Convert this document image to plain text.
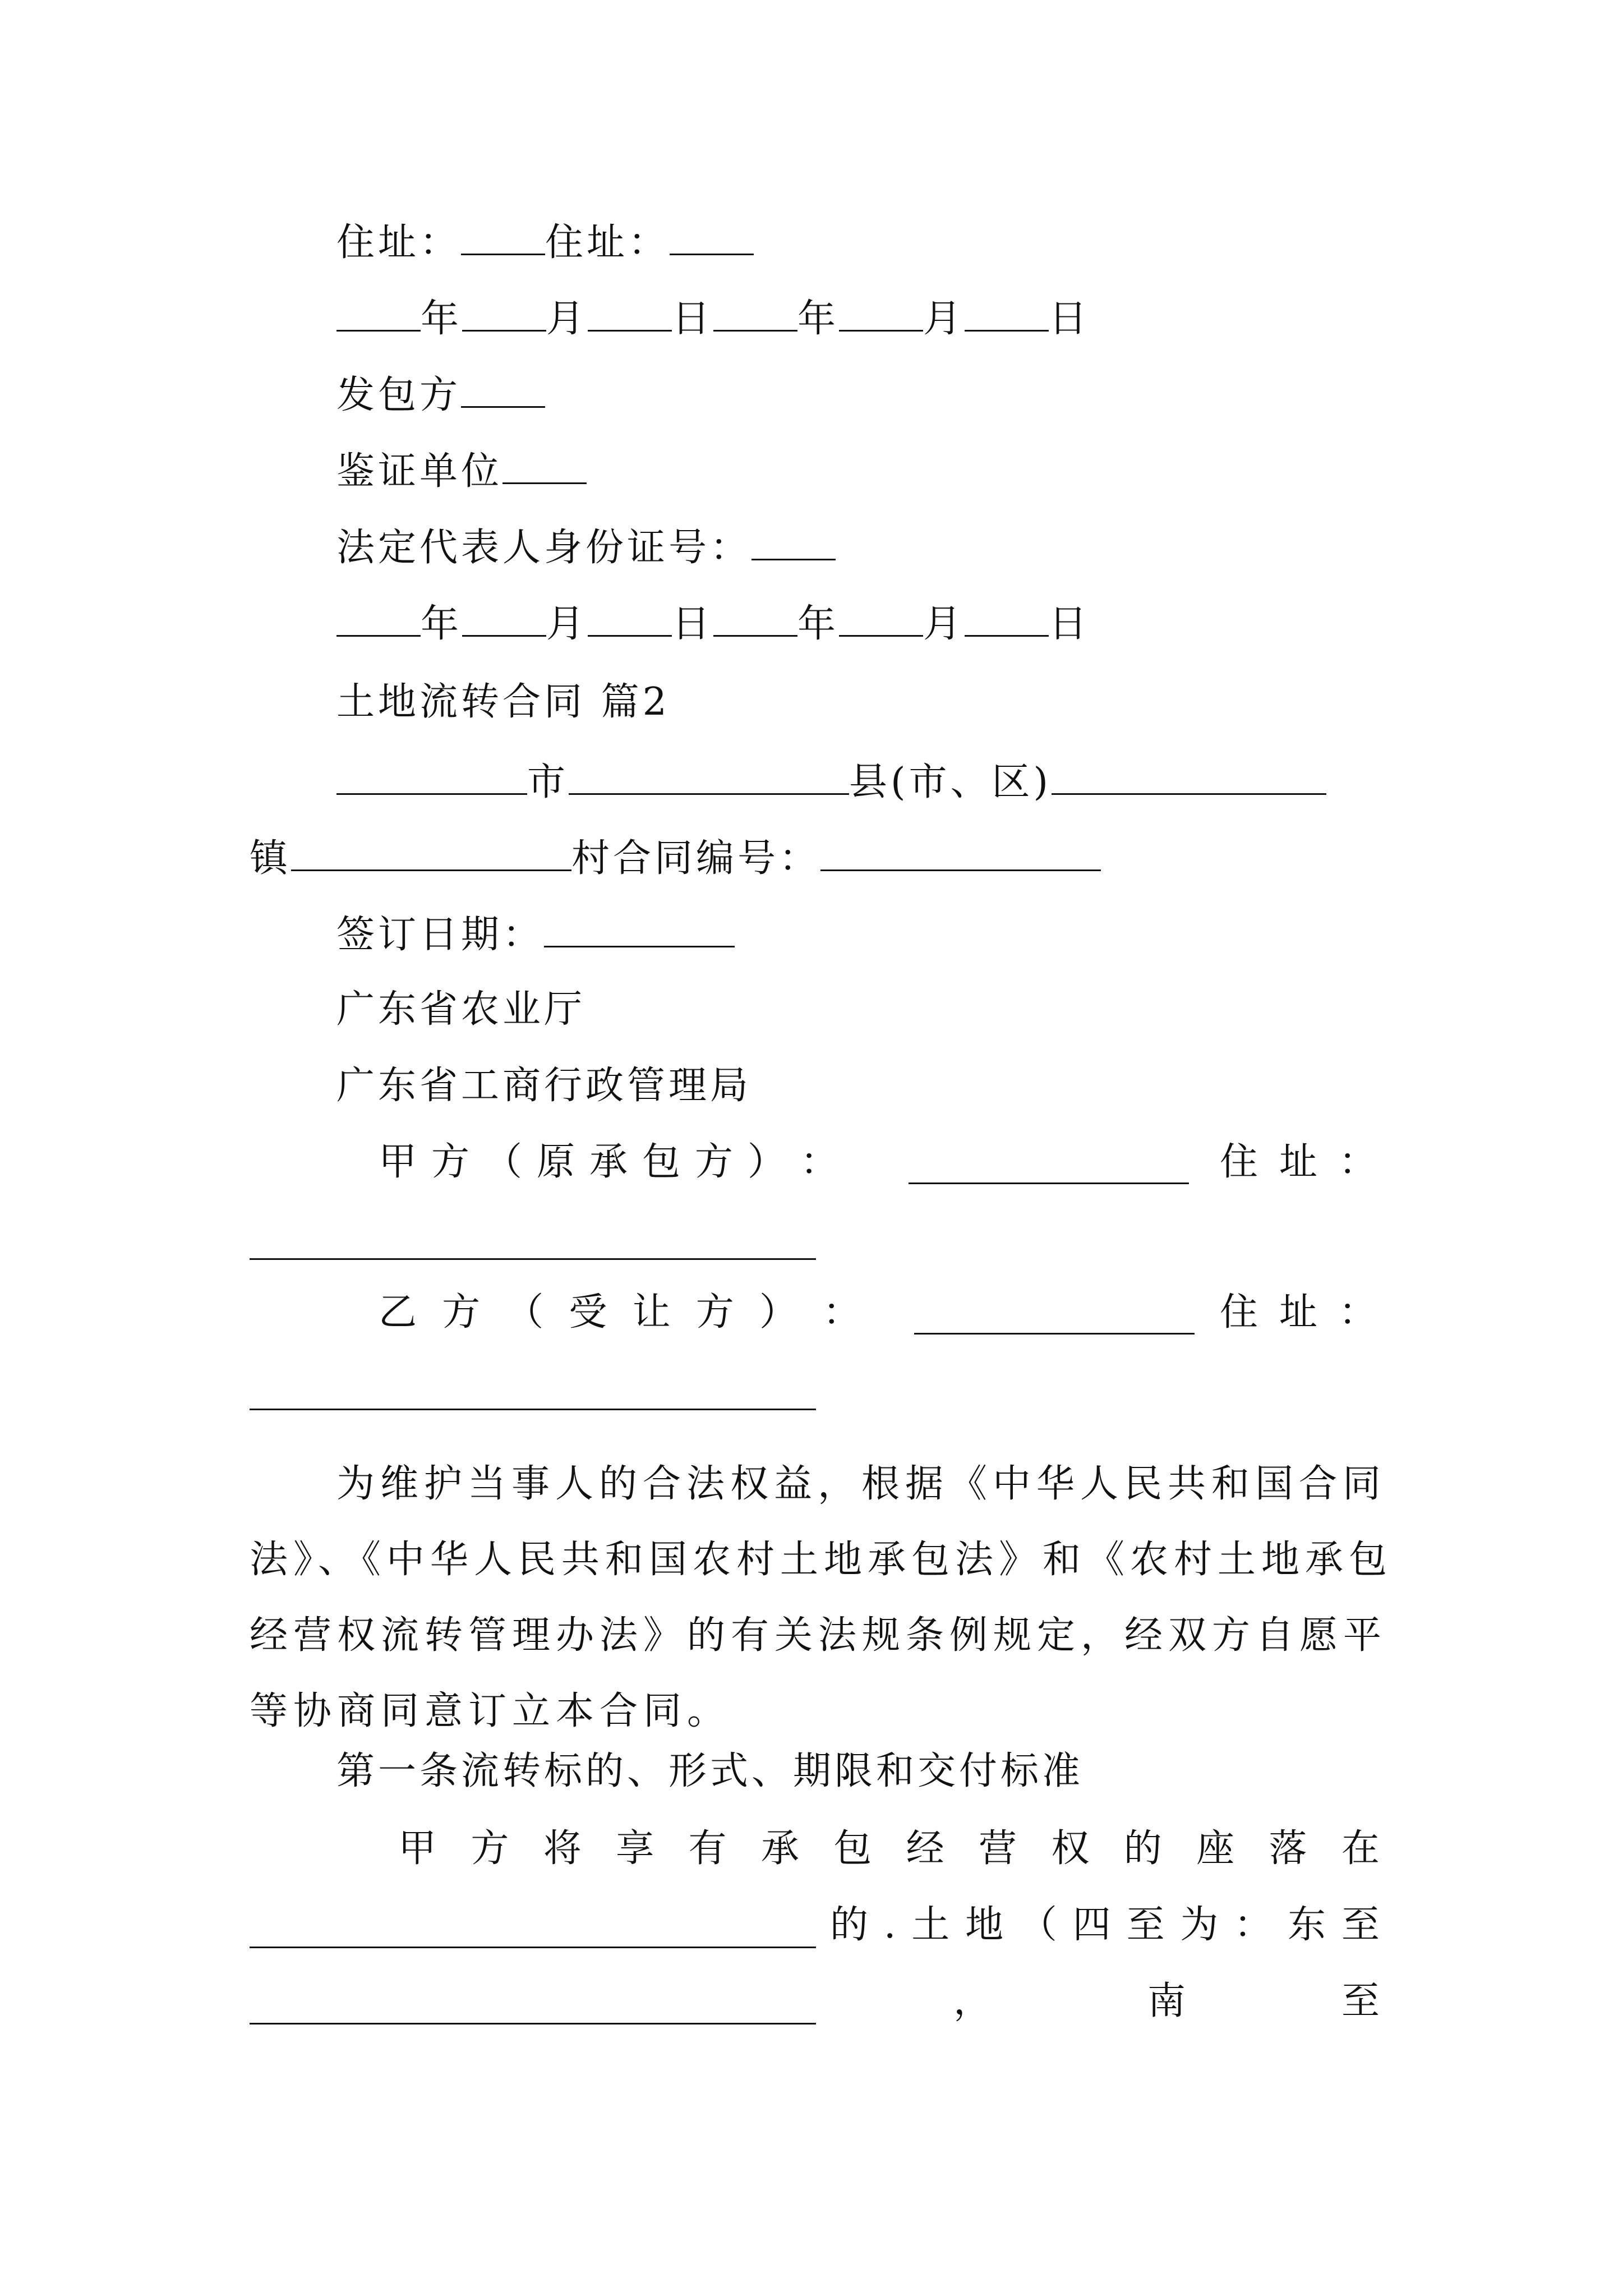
住址： 住址：
年 月 日 年 月 日
发包方
鉴证单位
法定代表人身份证号：
年 月 日 年 月 日
土地流转合同 篇2
市	县(市、区)
镇	村合同编号：
签订日期：
广东省农业厅
广东省工商行政管理局
甲 方 （ 原 承 包 方 ） ：	住 址 ：
乙 方 （ 受 让 方 ） ：	住 址 ：
为维护当事人的合法权益，根据《中华人民共和国合同法》、《中华人民共和国农村土地承包法》和《农村土地承包经营权流转管理办法》的有关法规条例规定，经双方自愿平等协商同意订立本合同。
第一条流转标的、形式、期限和交付标准
甲 方 将 享 有 承 包 经 营 权 的 座 落 在
的 . 土 地 （ 四 至 为 ： 东 至
，	南	至
